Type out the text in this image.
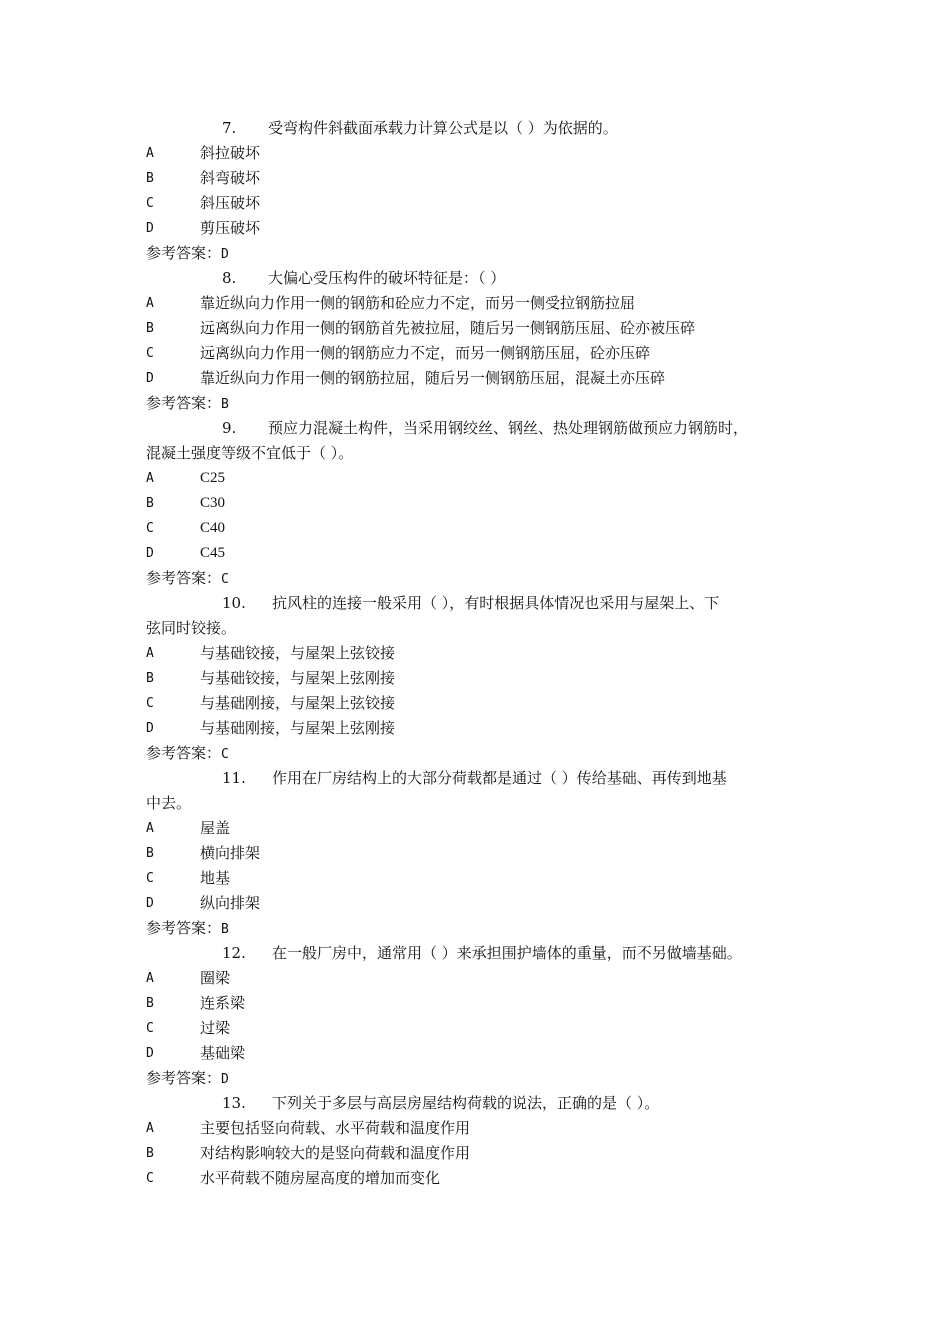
7. 受弯构件斜截面承载力计算公式是以（ ）为依据的。
A	斜拉破坏
B	斜弯破坏
C	斜压破坏
D	剪压破坏
参考答案：D
8. 大偏心受压构件的破坏特征是：（ ）
A	靠近纵向力作用一侧的钢筋和砼应力不定，而另一侧受拉钢筋拉屈
B	远离纵向力作用一侧的钢筋首先被拉屈，随后另一侧钢筋压屈、砼亦被压碎
C	远离纵向力作用一侧的钢筋应力不定，而另一侧钢筋压屈，砼亦压碎
D	靠近纵向力作用一侧的钢筋拉屈，随后另一侧钢筋压屈，混凝土亦压碎
参考答案：B
9. 预应力混凝土构件，当采用钢绞丝、钢丝、热处理钢筋做预应力钢筋时，
混凝土强度等级不宜低于（ ）。
A	C25
B	C30
C	C40
D	C45
参考答案：C
10. 抗风柱的连接一般采用（ ），有时根据具体情况也采用与屋架上、下
弦同时铰接。
A	与基础铰接，与屋架上弦铰接
B	与基础铰接，与屋架上弦刚接
C	与基础刚接，与屋架上弦铰接
D	与基础刚接，与屋架上弦刚接
参考答案：C
11. 作用在厂房结构上的大部分荷载都是通过（ ）传给基础、再传到地基
中去。
A	屋盖
B	横向排架
C	地基
D	纵向排架
参考答案：B
12. 在一般厂房中，通常用（ ）来承担围护墙体的重量，而不另做墙基础。
A	圈梁
B	连系梁
C	过梁
D	基础梁
参考答案：D
13. 下列关于多层与高层房屋结构荷载的说法，正确的是（ ）。
A	主要包括竖向荷载、水平荷载和温度作用
B	对结构影响较大的是竖向荷载和温度作用
C	水平荷载不随房屋高度的增加而变化
